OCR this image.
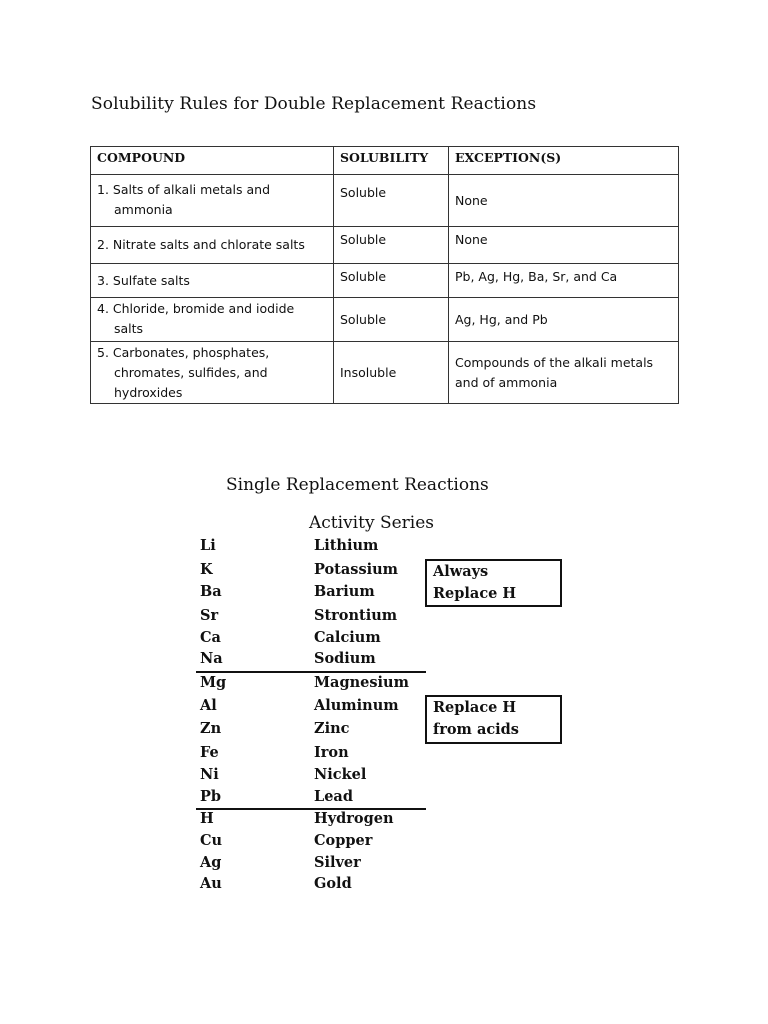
Solubility Rules for Double Replacement Reactions
COMPOUND	SOLUBILITY	EXCEPTION(S)

1. Salts of alkali metals and ammonia	Soluble	None

2. Nitrate salts and chlorate salts	Soluble	None

3. Sulfate salts	Soluble	Pb, Ag, Hg, Ba, Sr, and Ca

4. Chloride, bromide and iodide salts	Soluble	Ag, Hg, and Pb

5. Carbonates, phosphates, chromates, sulfides, and hydroxides	Insoluble	Compounds of the alkali metals and of ammonia
Single Replacement Reactions
Activity Series
Li	Lithium
K	Potassium
Ba	Barium
Sr	Strontium
Ca	Calcium
Na	Sodium
Mg	Magnesium
Al	Aluminum
Zn	Zinc
Fe	Iron
Ni	Nickel
Pb	Lead
H	Hydrogen
Cu	Copper
Ag	Silver
Au	Gold
Always
Replace H
Replace H
from acids
